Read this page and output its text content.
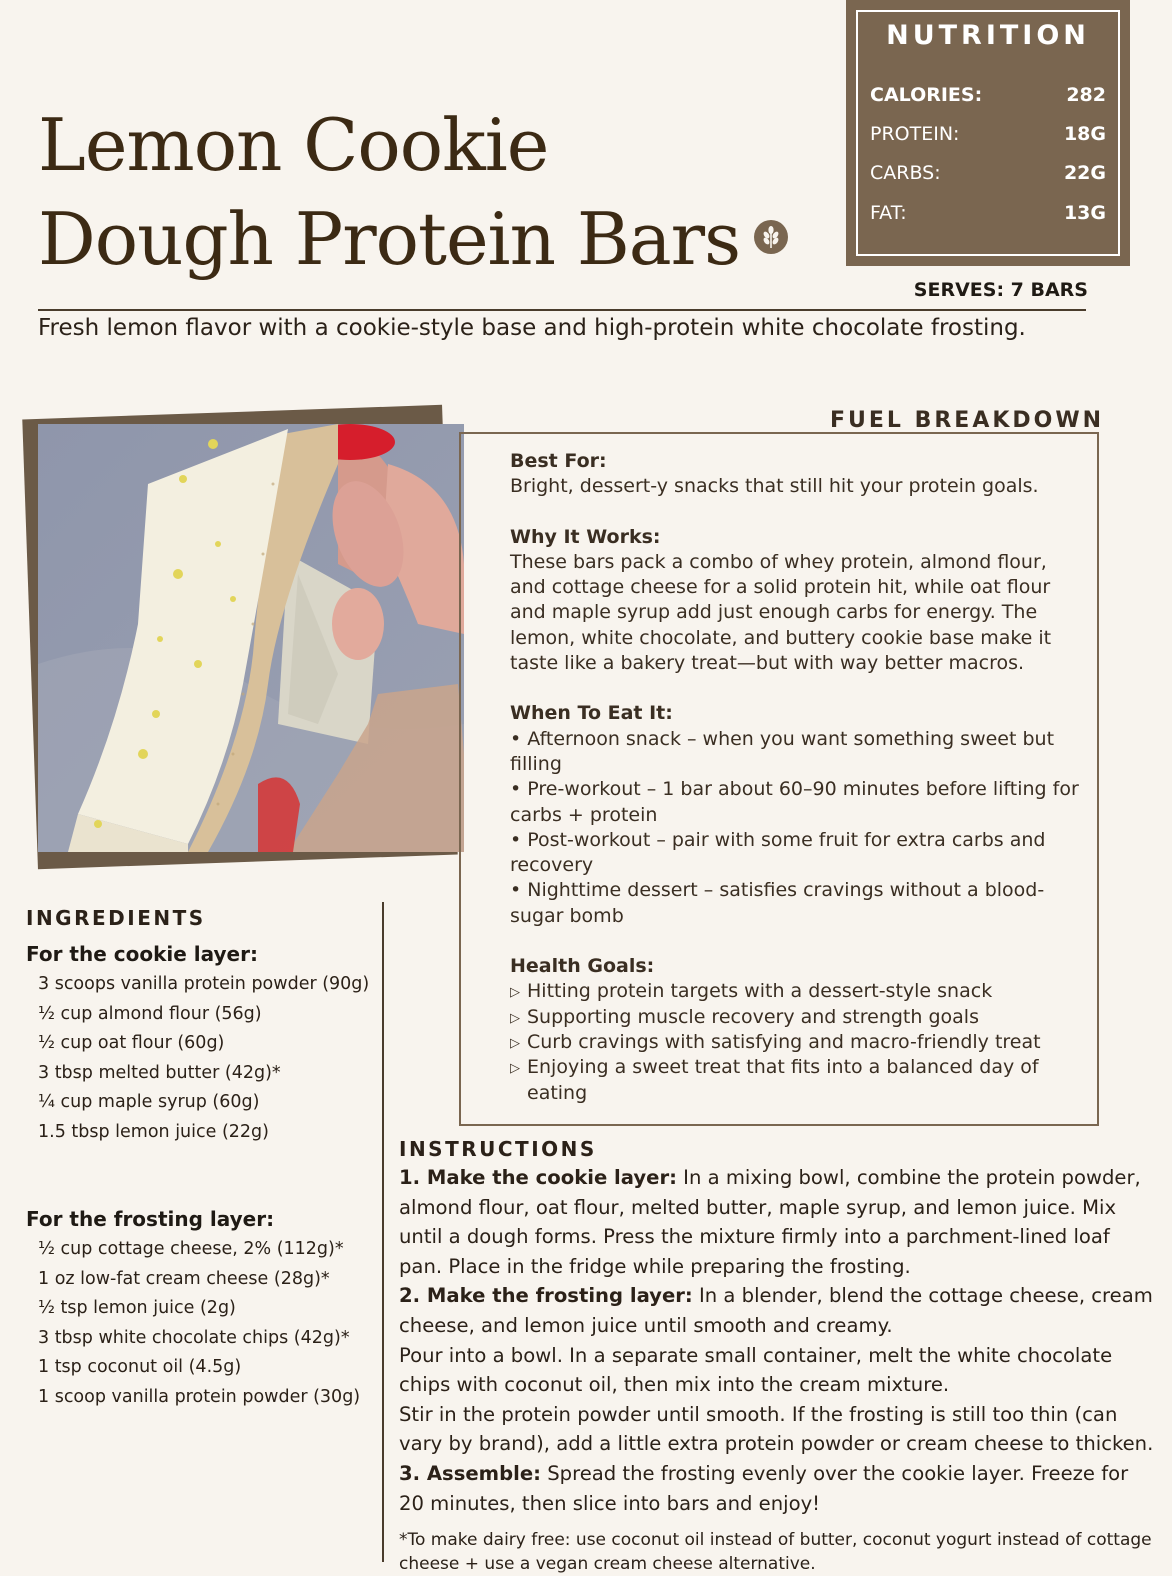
Lemon Cookie
Dough Protein Bars
NUTRITION
CALORIES:	282
PROTEIN:	18G
CARBS:	22G
FAT:	13G
SERVES: 7 BARS
Fresh lemon flavor with a cookie-style base and high-protein white chocolate frosting.
FUEL BREAKDOWN
Best For:
Bright, dessert-y snacks that still hit your protein goals.
Why It Works:
These bars pack a combo of whey protein, almond flour, and cottage cheese for a solid protein hit, while oat flour and maple syrup add just enough carbs for energy. The lemon, white chocolate, and buttery cookie base make it taste like a bakery treat—but with way better macros.
When To Eat It:
• Afternoon snack – when you want something sweet but filling
• Pre-workout – 1 bar about 60–90 minutes before lifting for carbs + protein
• Post-workout – pair with some fruit for extra carbs and recovery
• Nighttime dessert – satisfies cravings without a blood-sugar bomb
Health Goals:
▷ Hitting protein targets with a dessert-style snack
▷ Supporting muscle recovery and strength goals
▷ Curb cravings with satisfying and macro-friendly treat
▷ Enjoying a sweet treat that fits into a balanced day of eating
INGREDIENTS
For the cookie layer:
3 scoops vanilla protein powder (90g)
½ cup almond flour (56g)
½ cup oat flour (60g)
3 tbsp melted butter (42g)*
¼ cup maple syrup (60g)
1.5 tbsp lemon juice (22g)
For the frosting layer:
½ cup cottage cheese, 2% (112g)*
1 oz low-fat cream cheese (28g)*
½ tsp lemon juice (2g)
3 tbsp white chocolate chips (42g)*
1 tsp coconut oil (4.5g)
1 scoop vanilla protein powder (30g)
INSTRUCTIONS

1. Make the cookie layer: In a mixing bowl, combine the protein powder, almond flour, oat flour, melted butter, maple syrup, and lemon juice. Mix until a dough forms. Press the mixture firmly into a parchment-lined loaf pan. Place in the fridge while preparing the frosting.

2. Make the frosting layer: In a blender, blend the cottage cheese, cream cheese, and lemon juice until smooth and creamy.

Pour into a bowl. In a separate small container, melt the white chocolate chips with coconut oil, then mix into the cream mixture.

Stir in the protein powder until smooth. If the frosting is still too thin (can vary by brand), add a little extra protein powder or cream cheese to thicken.

3. Assemble: Spread the frosting evenly over the cookie layer. Freeze for 20 minutes, then slice into bars and enjoy!

*To make dairy free: use coconut oil instead of butter, coconut yogurt instead of cottage cheese + use a vegan cream cheese alternative.
